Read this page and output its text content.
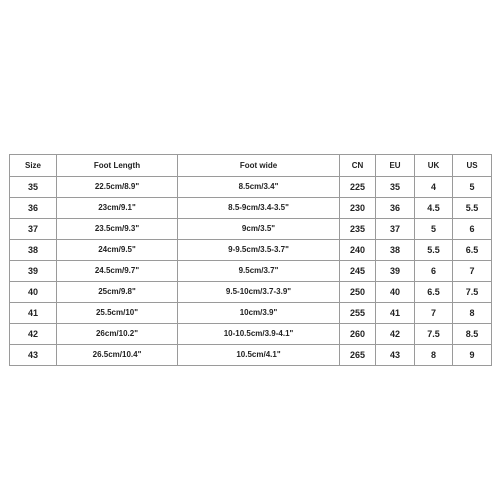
Size	Foot Length	Foot wide	CN	EU	UK	US
35	22.5cm/8.9"	8.5cm/3.4"	225	35	4	5
36	23cm/9.1"	8.5-9cm/3.4-3.5"	230	36	4.5	5.5
37	23.5cm/9.3"	9cm/3.5"	235	37	5	6
38	24cm/9.5"	9-9.5cm/3.5-3.7"	240	38	5.5	6.5
39	24.5cm/9.7"	9.5cm/3.7"	245	39	6	7
40	25cm/9.8"	9.5-10cm/3.7-3.9"	250	40	6.5	7.5
41	25.5cm/10"	10cm/3.9"	255	41	7	8
42	26cm/10.2"	10-10.5cm/3.9-4.1"	260	42	7.5	8.5
43	26.5cm/10.4"	10.5cm/4.1"	265	43	8	9
